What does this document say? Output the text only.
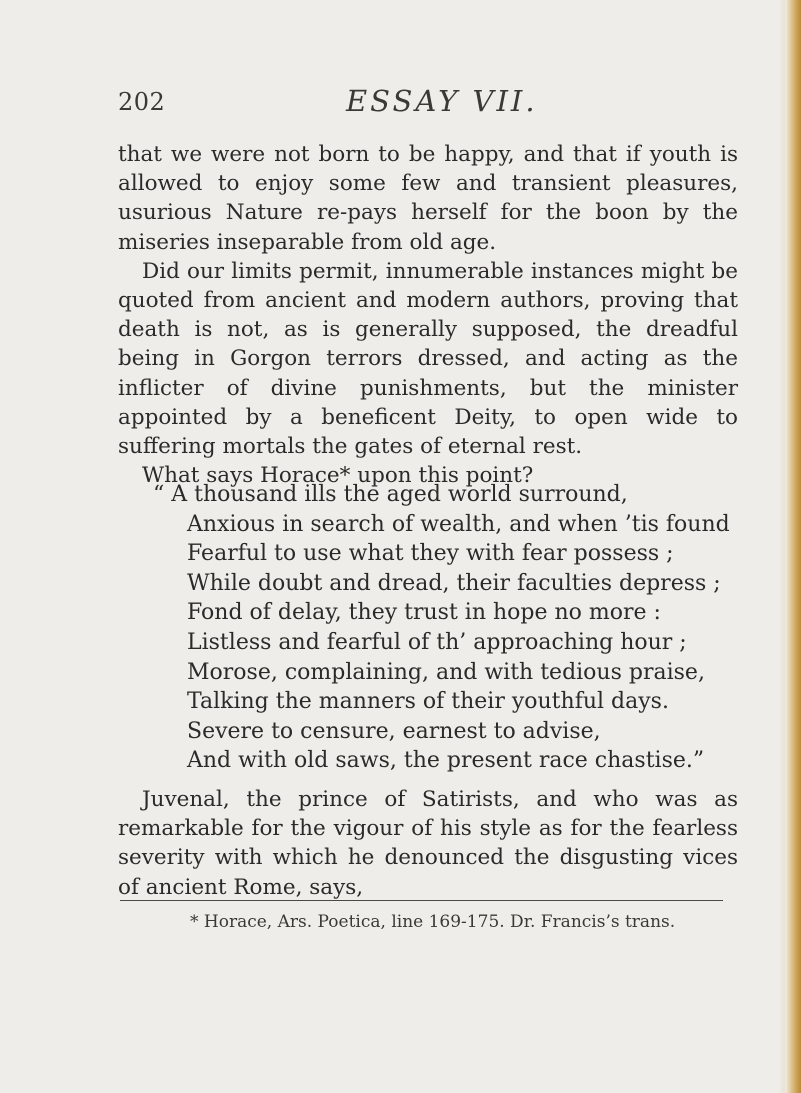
202	ESSAY VII.

that we were not born to be happy, and that if youth is allowed to enjoy some few and transient pleasures, usurious Nature re-pays herself for the boon by the miseries inseparable from old age.

Did our limits permit, innumerable instances might be quoted from ancient and modern authors, proving that death is not, as is generally supposed, the dreadful being in Gorgon terrors dressed, and acting as the inflicter of divine punishments, but the minister appointed by a beneficent Deity, to open wide to suffering mortals the gates of eternal rest.

What says Horace* upon this point?

“ A thousand ills the aged world surround,

Anxious in search of wealth, and when ’tis found

Fearful to use what they with fear possess ;

While doubt and dread, their faculties depress ;

Fond of delay, they trust in hope no more :

Listless and fearful of th’ approaching hour ;

Morose, complaining, and with tedious praise,

Talking the manners of their youthful days.

Severe to censure, earnest to advise,

And with old saws, the present race chastise.”

Juvenal, the prince of Satirists, and who was as remarkable for the vigour of his style as for the fearless severity with which he denounced the disgusting vices of ancient Rome, says,

* Horace, Ars. Poetica, line 169-175. Dr. Francis’s trans.
